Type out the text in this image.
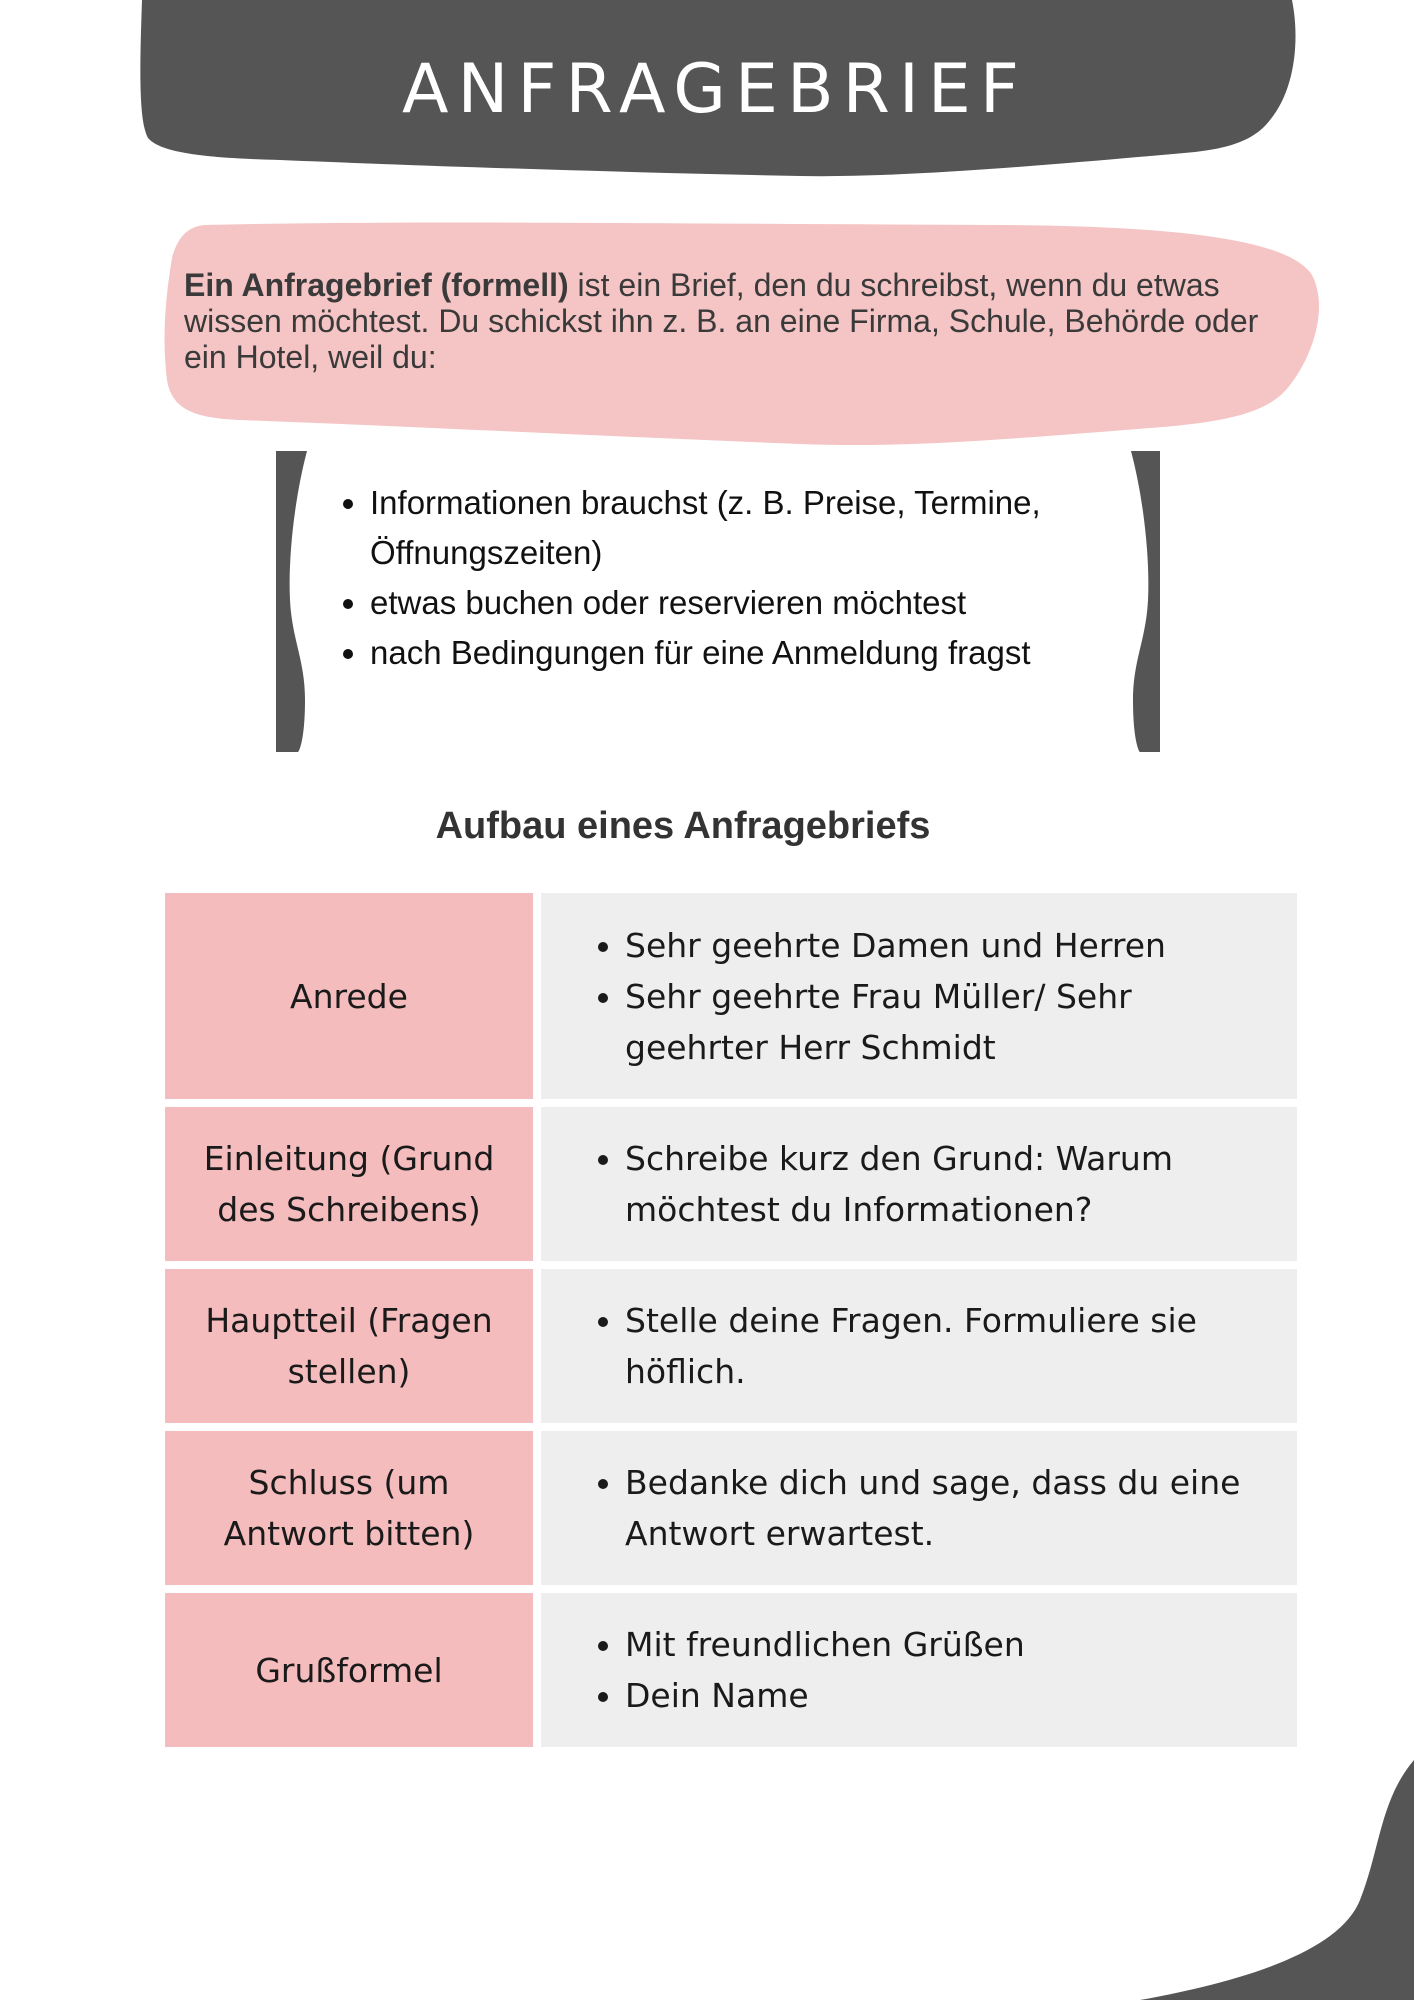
ANFRAGEBRIEF
Ein Anfragebrief (formell) ist ein Brief, den du schreibst, wenn du etwas wissen möchtest. Du schickst ihn z. B. an eine Firma, Schule, Behörde oder ein Hotel, weil du:
• Informationen brauchst (z. B. Preise, Termine, Öffnungszeiten)
• etwas buchen oder reservieren möchtest
• nach Bedingungen für eine Anmeldung fragst
Aufbau eines Anfragebriefs
Anrede
• Sehr geehrte Damen und Herren
• Sehr geehrte Frau Müller/ Sehr geehrter Herr Schmidt
Einleitung (Grund des Schreibens)
• Schreibe kurz den Grund: Warum möchtest du Informationen?
Hauptteil (Fragen stellen)
• Stelle deine Fragen. Formuliere sie höflich.
Schluss (um Antwort bitten)
• Bedanke dich und sage, dass du eine Antwort erwartest.
Grußformel
• Mit freundlichen Grüßen
• Dein Name
